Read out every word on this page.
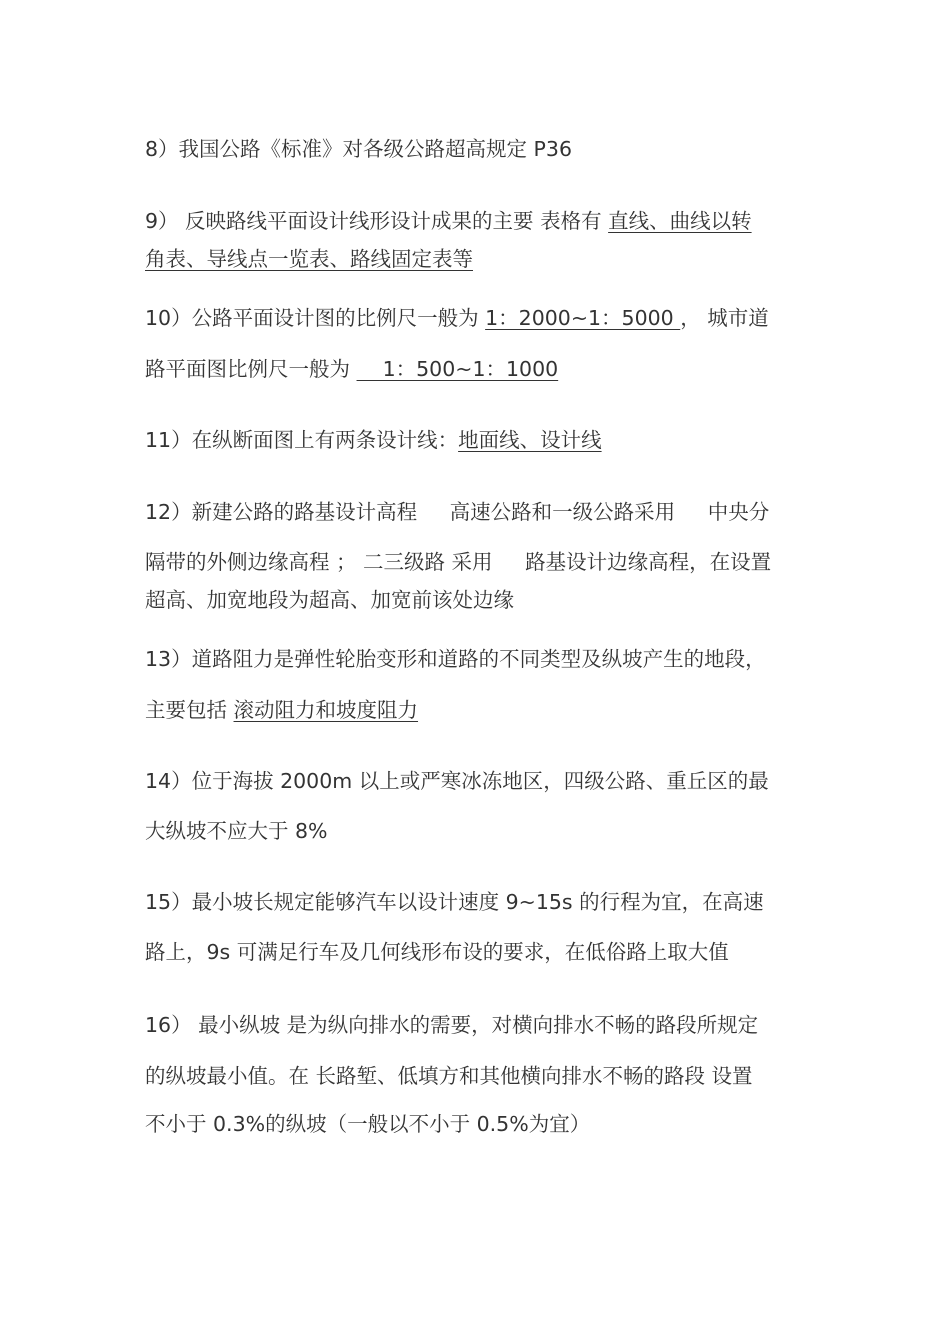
8）我国公路《标准》对各级公路超高规定 P36
9） 反映路线平面设计线形设计成果的主要 表格有 直线、曲线以转
角表、导线点一览表、路线固定表等
10）公路平面设计图的比例尺一般为 1：2000~1：5000 ， 城市道
路平面图比例尺一般为     1：500~1：1000
11）在纵断面图上有两条设计线：地面线、设计线
12）新建公路的路基设计高程     高速公路和一级公路采用     中央分
隔带的外侧边缘高程 ； 二三级路 采用     路基设计边缘高程，在设置
超高、加宽地段为超高、加宽前该处边缘
13）道路阻力是弹性轮胎变形和道路的不同类型及纵坡产生的地段，
主要包括 滚动阻力和坡度阻力
14）位于海拔 2000m 以上或严寒冰冻地区，四级公路、重丘区的最
大纵坡不应大于 8%
15）最小坡长规定能够汽车以设计速度 9~15s 的行程为宜，在高速
路上，9s 可满足行车及几何线形布设的要求，在低俗路上取大值
16） 最小纵坡 是为纵向排水的需要，对横向排水不畅的路段所规定
的纵坡最小值。在 长路堑、低填方和其他横向排水不畅的路段 设置
不小于 0.3%的纵坡（一般以不小于 0.5%为宜）
